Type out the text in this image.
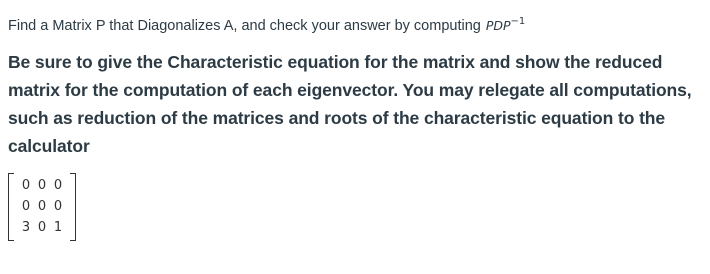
Find a Matrix P that Diagonalizes A, and check your answer by computing $PDP^{-1}$
Be sure to give the Characteristic equation for the matrix and show the reduced matrix for the computation of each eigenvector. You may relegate all computations, such as reduction of the matrices and roots of the characteristic equation to the calculator
0 0 0
0 0 0
3 0 1
